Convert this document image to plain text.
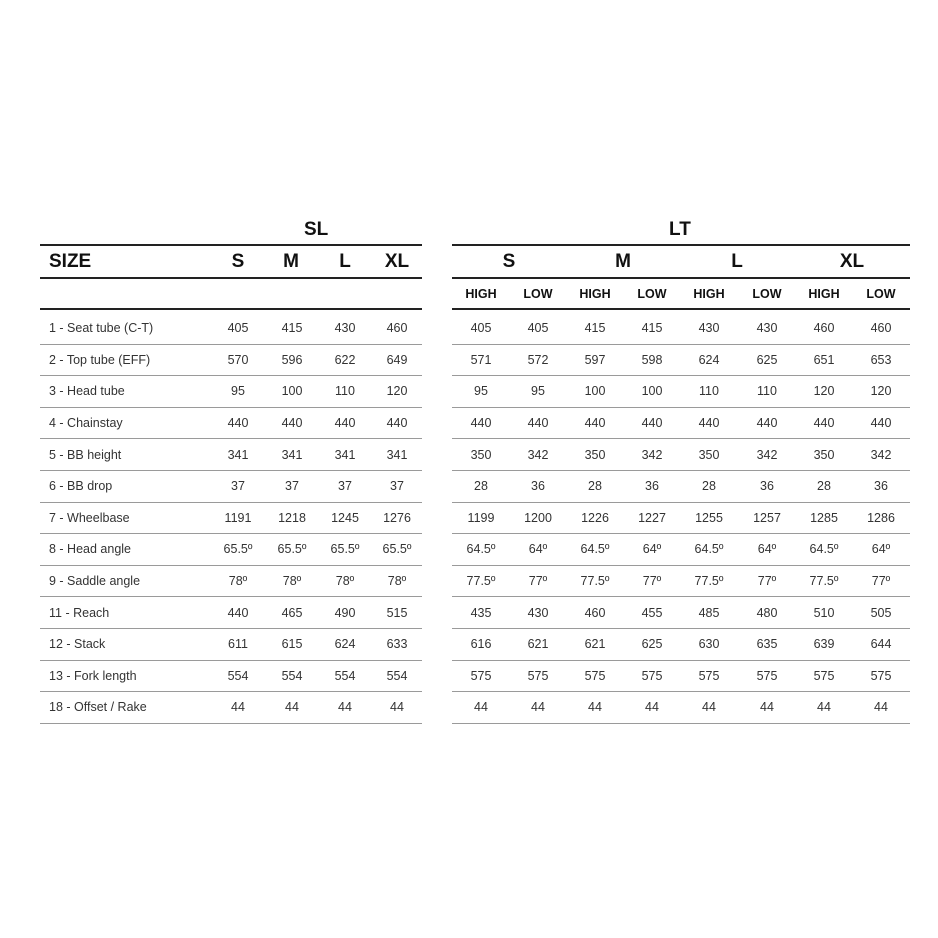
SL
SIZE	S	M	L	XL
1 - Seat tube (C-T)	405	415	430	460
2 - Top tube (EFF)	570	596	622	649
3 - Head tube	95	100	110	120
4 - Chainstay	440	440	440	440
5 - BB height	341	341	341	341
6 - BB drop	37	37	37	37
7 - Wheelbase	1191	1218	1245	1276
8 - Head angle	65.5º	65.5º	65.5º	65.5º
9 - Saddle angle	78º	78º	78º	78º
11 - Reach	440	465	490	515
12 - Stack	611	615	624	633
13 - Fork length	554	554	554	554
18 - Offset / Rake	44	44	44	44
LT
S	M	L	XL
HIGH	LOW	HIGH	LOW	HIGH	LOW	HIGH	LOW
405	405	415	415	430	430	460	460
571	572	597	598	624	625	651	653
95	95	100	100	110	110	120	120
440	440	440	440	440	440	440	440
350	342	350	342	350	342	350	342
28	36	28	36	28	36	28	36
1199	1200	1226	1227	1255	1257	1285	1286
64.5º	64º	64.5º	64º	64.5º	64º	64.5º	64º
77.5º	77º	77.5º	77º	77.5º	77º	77.5º	77º
435	430	460	455	485	480	510	505
616	621	621	625	630	635	639	644
575	575	575	575	575	575	575	575
44	44	44	44	44	44	44	44
